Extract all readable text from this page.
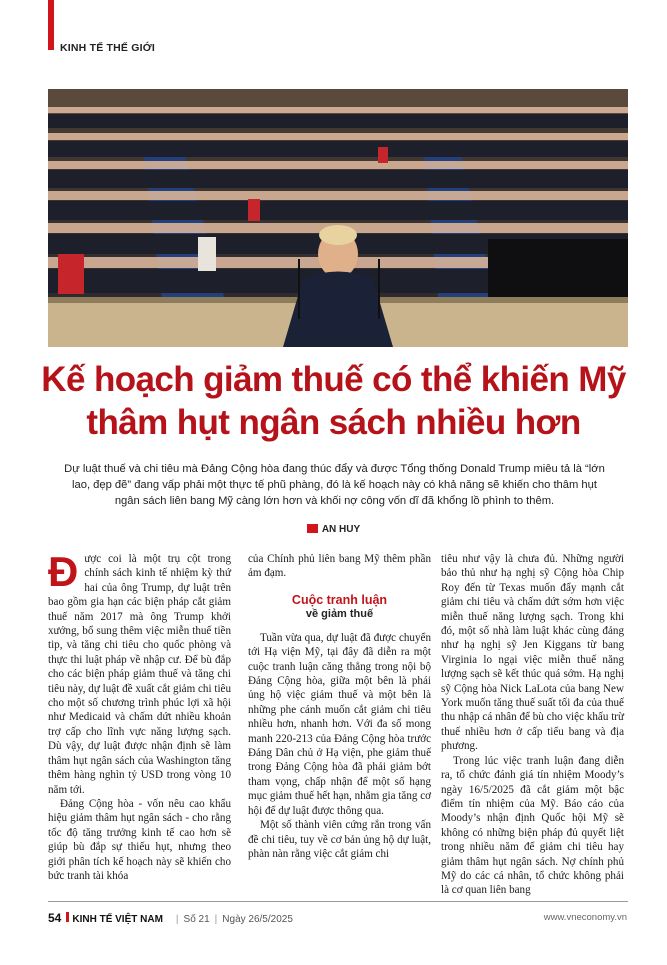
KINH TẾ THẾ GIỚI
Kế hoạch giảm thuế có thể khiến Mỹ
thâm hụt ngân sách nhiều hơn
Dự luật thuế và chi tiêu mà Đảng Cộng hòa đang thúc đẩy và được Tổng thống Donald Trump miêu tả là “lớn lao, đẹp đẽ” đang vấp phải một thực tế phũ phàng, đó là kế hoạch này có khả năng sẽ khiến cho thâm hụt ngân sách liên bang Mỹ càng lớn hơn và khối nợ công vốn dĩ đã khổng lồ phình to thêm.
AN HUY

Được coi là một trụ cột trong chính sách kinh tế nhiệm kỳ thứ hai của ông Trump, dự luật trên bao gồm gia hạn các biện pháp cắt giảm thuế năm 2017 mà ông Trump khởi xướng, bổ sung thêm việc miễn thuế tiền tip, và tăng chi tiêu cho quốc phòng và thực thi luật pháp về nhập cư. Để bù đắp cho các biện pháp giảm thuế và tăng chi tiêu này, dự luật đề xuất cắt giảm chi tiêu cho một số chương trình phúc lợi xã hội như Medicaid và chấm dứt nhiều khoản trợ cấp cho lĩnh vực năng lượng sạch. Dù vậy, dự luật được nhận định sẽ làm thâm hụt ngân sách của Washington tăng thêm hàng nghìn tỷ USD trong vòng 10 năm tới.

Đảng Cộng hòa - vốn nêu cao khẩu hiệu giảm thâm hụt ngân sách - cho rằng tốc độ tăng trưởng kinh tế cao hơn sẽ giúp bù đắp sự thiếu hụt, nhưng theo giới phân tích kế hoạch này sẽ khiến cho bức tranh tài khóa

của Chính phủ liên bang Mỹ thêm phần ảm đạm.

Cuộc tranh luận
về giảm thuế

Tuần vừa qua, dự luật đã được chuyển tới Hạ viện Mỹ, tại đây đã diễn ra một cuộc tranh luận căng thẳng trong nội bộ Đảng Cộng hòa, giữa một bên là phái ủng hộ việc giảm thuế và một bên là những phe cánh muốn cắt giảm chi tiêu nhiều hơn, nhanh hơn. Với đa số mong manh 220-213 của Đảng Cộng hòa trước Đảng Dân chủ ở Hạ viện, phe giảm thuế trong Đảng Cộng hòa đã phải giảm bớt tham vọng, chấp nhận để một số hạng mục giảm thuế hết hạn, nhằm gia tăng cơ hội để dự luật được thông qua.

Một số thành viên cứng rắn trong vấn đề chi tiêu, tuy về cơ bản ủng hộ dự luật, phàn nàn rằng việc cắt giảm chi

tiêu như vậy là chưa đủ. Những người bảo thủ như hạ nghị sỹ Cộng hòa Chip Roy đến từ Texas muốn đẩy mạnh cắt giảm chi tiêu và chấm dứt sớm hơn việc miễn thuế năng lượng sạch. Trong khi đó, một số nhà làm luật khác cùng đảng như hạ nghị sỹ Jen Kiggans từ bang Virginia lo ngại việc miễn thuế năng lượng sạch sẽ kết thúc quá sớm. Hạ nghị sỹ Cộng hòa Nick LaLota của bang New York muốn tăng thuế suất tối đa của thuế thu nhập cá nhân để bù cho việc khấu trừ thuế nhiều hơn ở cấp tiểu bang và địa phương.

Trong lúc việc tranh luận đang diễn ra, tổ chức đánh giá tín nhiệm Moody’s ngày 16/5/2025 đã cắt giảm một bậc điểm tín nhiệm của Mỹ. Báo cáo của Moody’s nhận định Quốc hội Mỹ sẽ không có những biện pháp đủ quyết liệt trong nhiều năm để giảm chi tiêu hay giảm thâm hụt ngân sách. Nợ chính phủ Mỹ do các cá nhân, tổ chức không phải là cơ quan liên bang

54 KINH TẾ VIỆT NAM | Số 21 | Ngày 26/5/2025	www.vneconomy.vn
